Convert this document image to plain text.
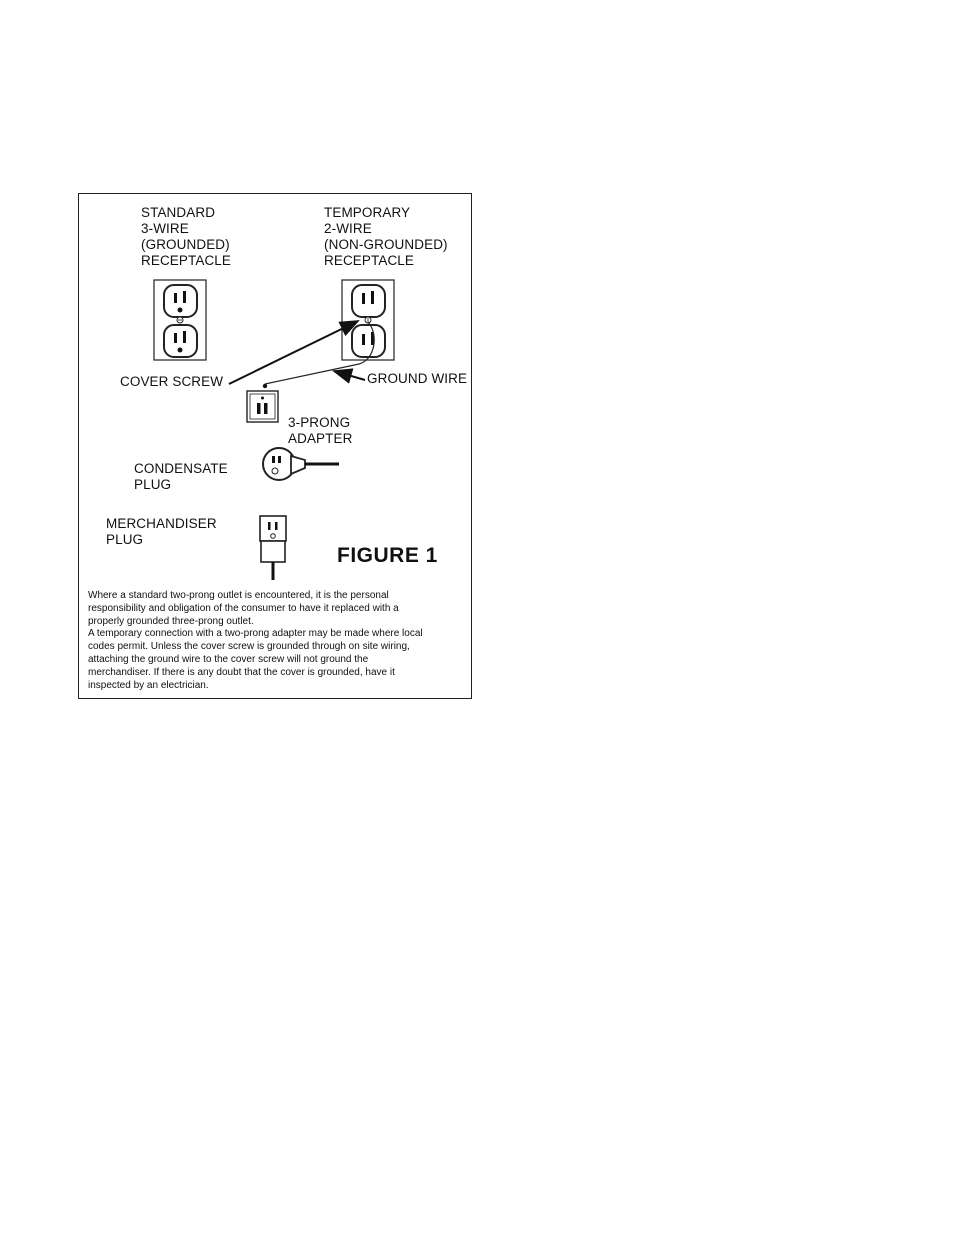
STANDARD
3-WIRE
(GROUNDED)
RECEPTACLE
TEMPORARY
2-WIRE
(NON-GROUNDED)
RECEPTACLE
COVER SCREW	GROUND WIRE
3-PRONG
ADAPTER
CONDENSATE
PLUG
MERCHANDISER
PLUG
FIGURE 1
Where a standard two-prong outlet is encountered, it is the personal
responsibility and obligation of the consumer to have it replaced with a
properly grounded three-prong outlet.
A temporary connection with a two-prong adapter may be made where local
codes permit. Unless the cover screw is grounded through on site wiring,
attaching the ground wire to the cover screw will not ground the
merchandiser. If there is any doubt that the cover is grounded, have it
inspected by an electrician.
